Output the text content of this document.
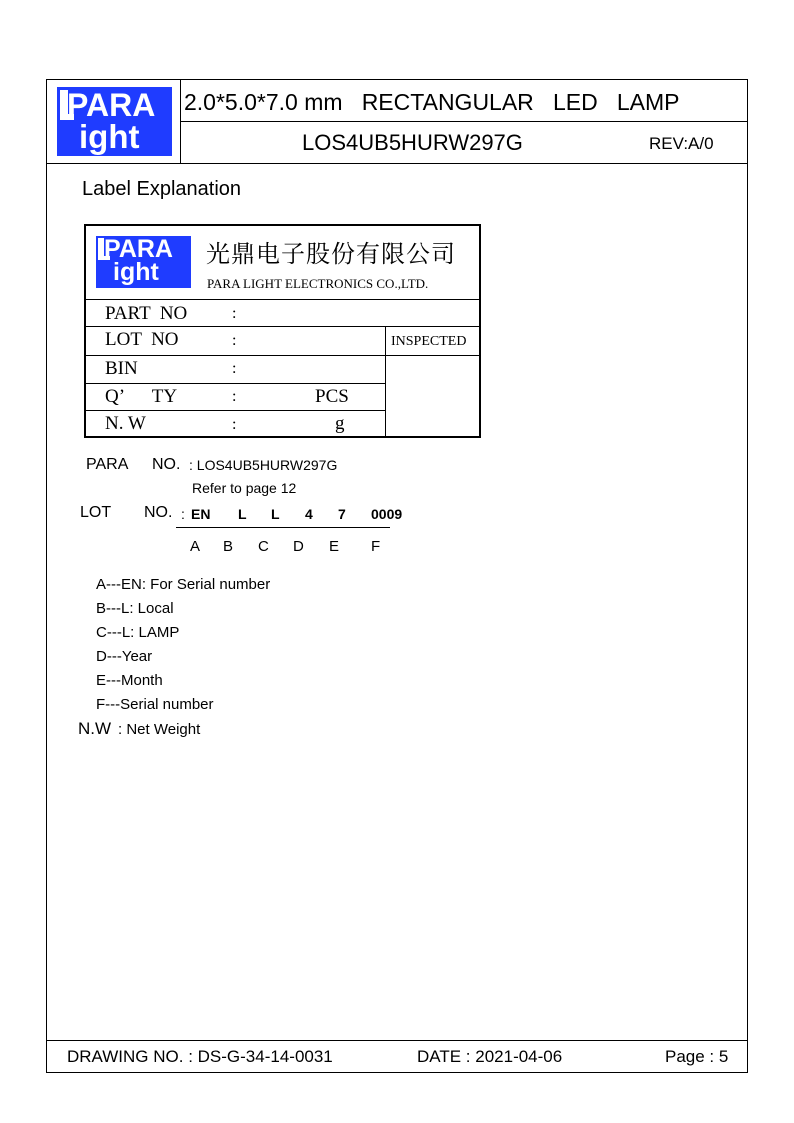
PARA
ight
2.0*5.0*7.0 mm   RECTANGULAR   LED   LAMP
LOS4UB5HURW297G	REV:A/0
Label Explanation
PARA
ight
光鼎电子股份有限公司
PARA LIGHT ELECTRONICS CO.,LTD.
PART  NO	:
LOT  NO	:	INSPECTED
BIN	:
Q’      TY	:	PCS
N. W	:	g
PARA NO. : LOS4UB5HURW297G
Refer to page 12
LOT NO. : EN L L 4 7 0009
A B C D E F
A---EN: For Serial number
B---L: Local
C---L: LAMP
D---Year
E---Month
F---Serial number
N.W : Net Weight
DRAWING NO. : DS-G-34-14-0031	DATE : 2021-04-06	Page : 5
